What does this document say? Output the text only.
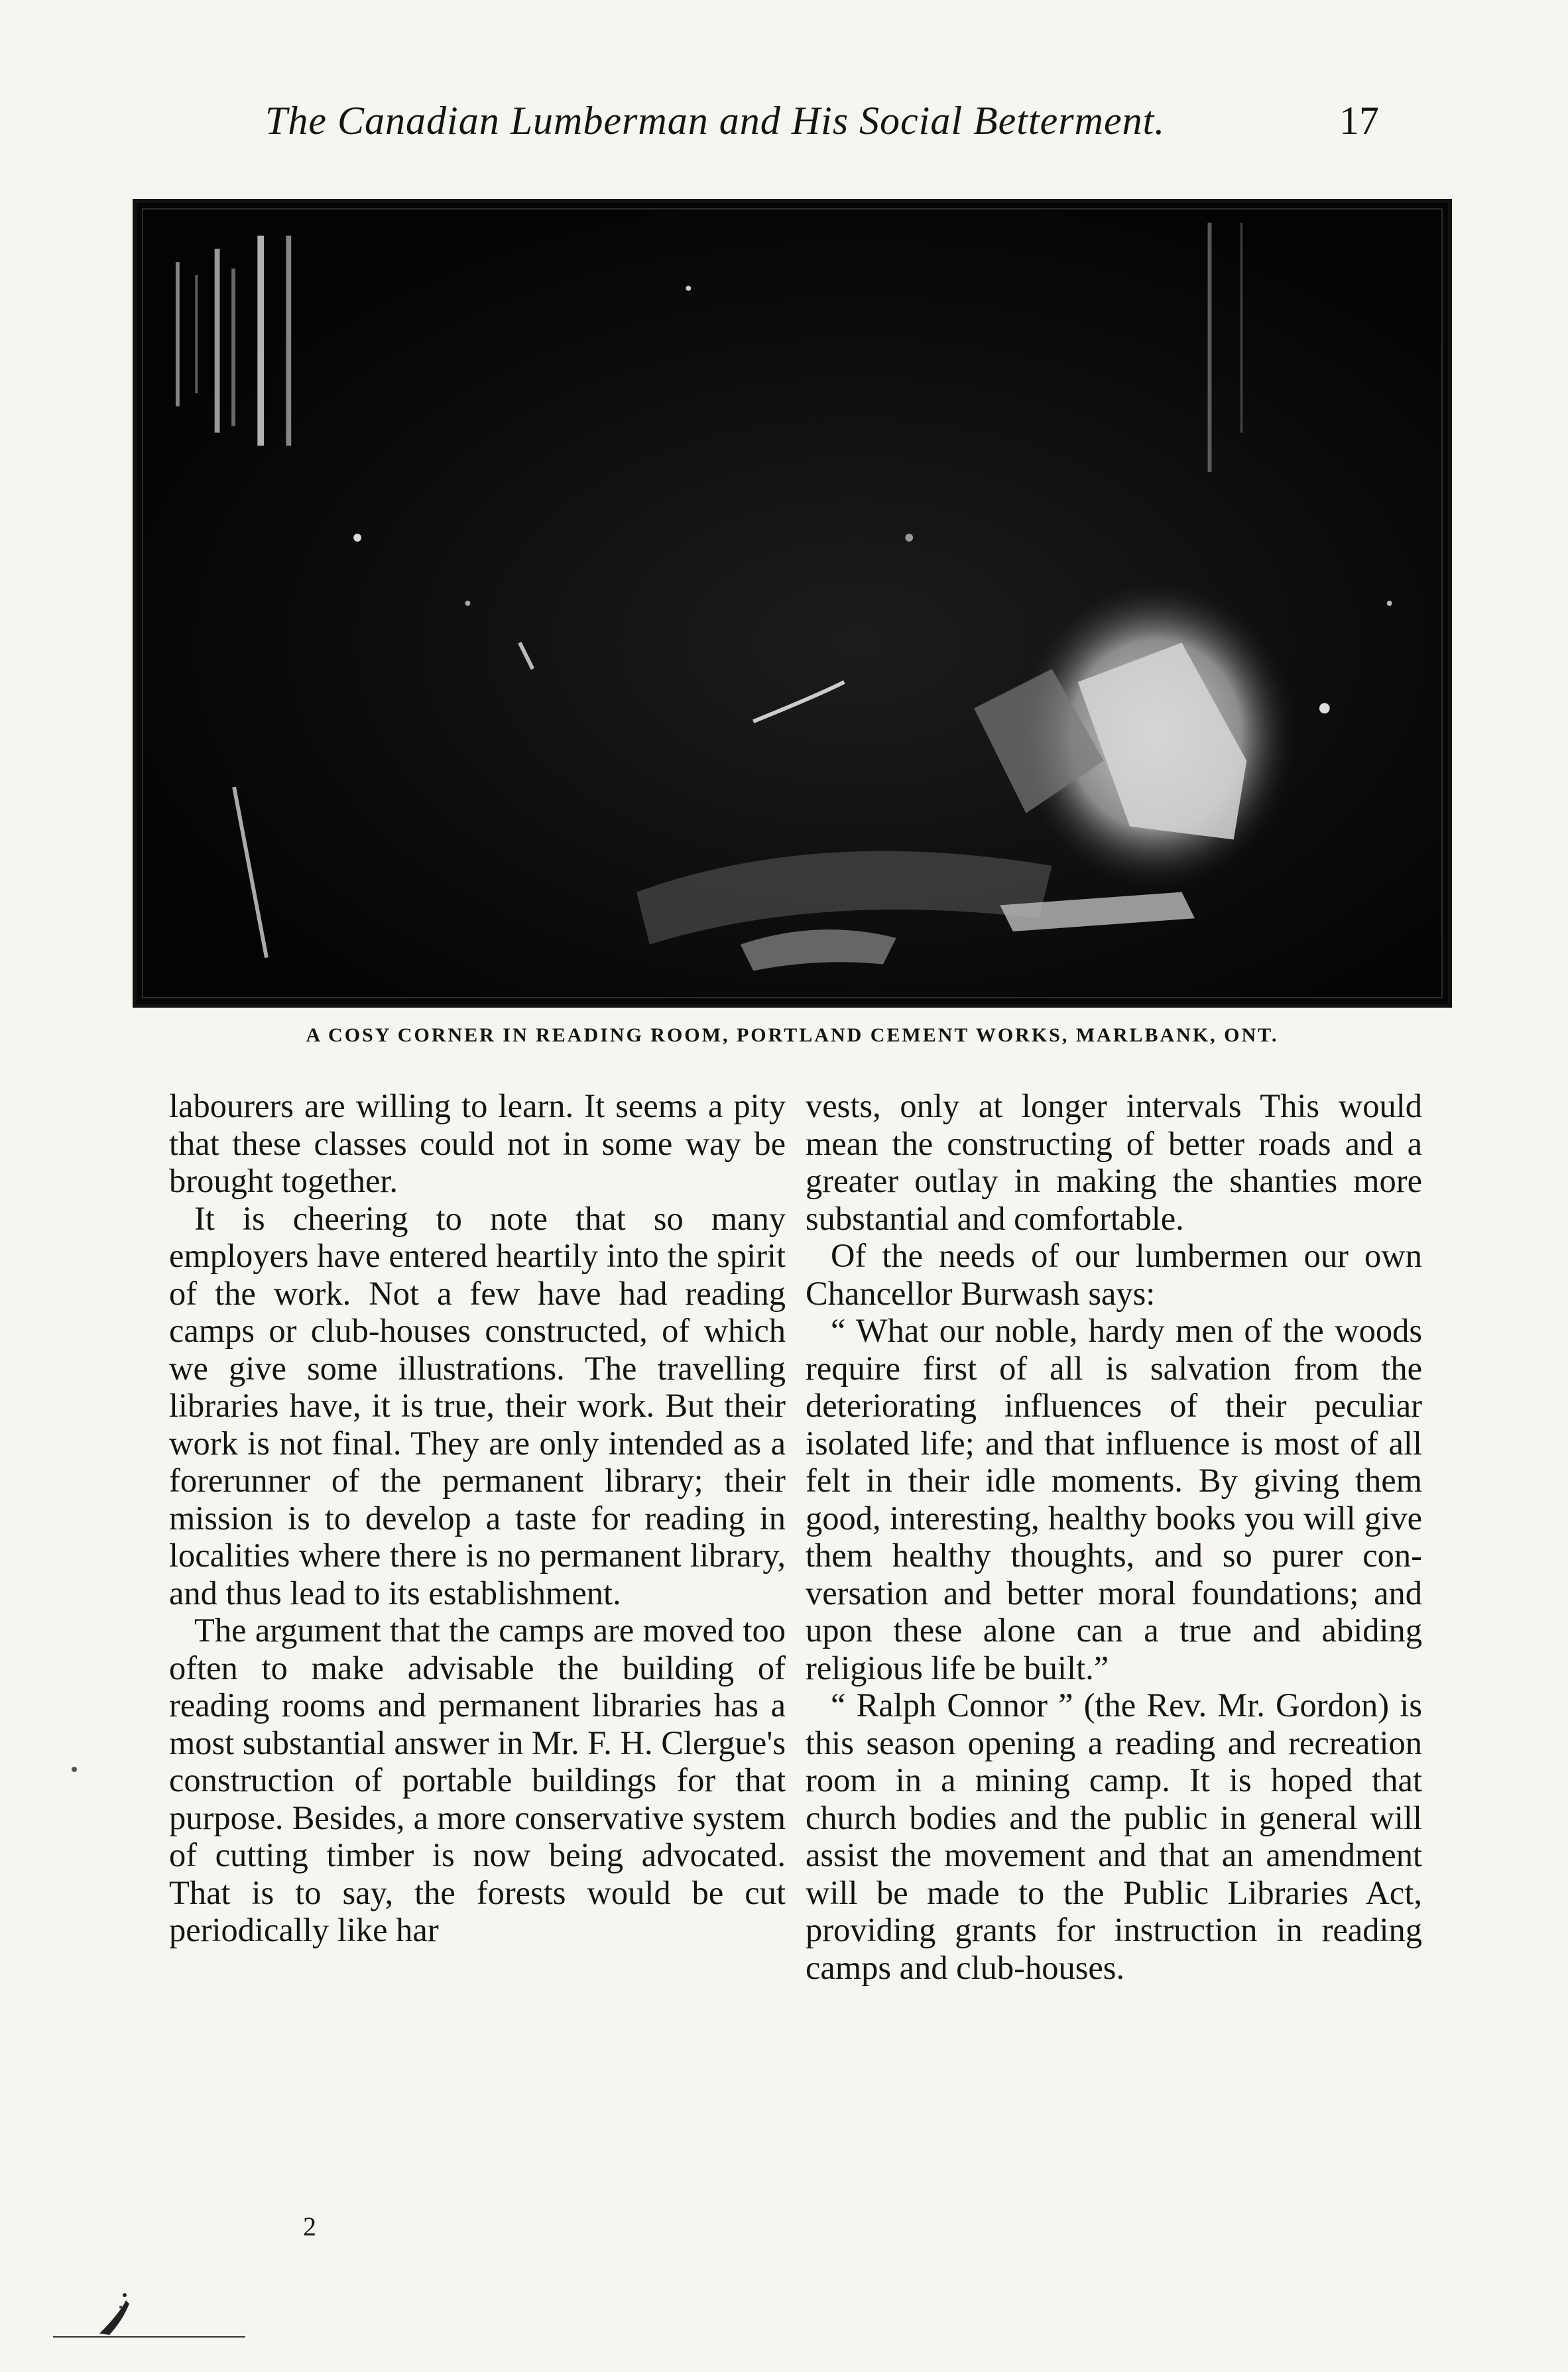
The Canadian Lumberman and His Social Betterment.	17
A COSY CORNER IN READING ROOM, PORTLAND CEMENT WORKS, MARLBANK, ONT.

labourers are willing to learn. It seems a pity that these classes could not in some way be brought together.

It is cheering to note that so many employers have entered heartily into the spirit of the work. Not a few have had reading camps or club-houses constructed, of which we give some illustrations. The travelling libraries have, it is true, their work. But their work is not final. They are only intended as a forerunner of the permanent library; their mission is to develop a taste for reading in localities where there is no permanent library, and thus lead to its establishment.

The argument that the camps are moved too often to make advisable the building of reading rooms and permanent libraries has a most substantial answer in Mr. F. H. Clergue's construction of portable buildings for that purpose. Besides, a more conservative system of cutting timber is now being advocated. That is to say, the forests would be cut periodically like har

vests, only at longer intervals This would mean the constructing of better roads and a greater outlay in making the shanties more substantial and comfortable.

Of the needs of our lumbermen our own Chancellor Burwash says:

“ What our noble, hardy men of the woods require first of all is salvation from the deteriorating influences of their peculiar isolated life; and that influence is most of all felt in their idle moments. By giving them good, interesting, healthy books you will give them healthy thoughts, and so purer conversation and better moral foundations; and upon these alone can a true and abiding religious life be built.”

“ Ralph Connor ” (the Rev. Mr. Gordon) is this season opening a reading and recreation room in a mining camp. It is hoped that church bodies and the public in general will assist the movement and that an amendment will be made to the Public Libraries Act, providing grants for instruction in reading camps and club-houses.

2
